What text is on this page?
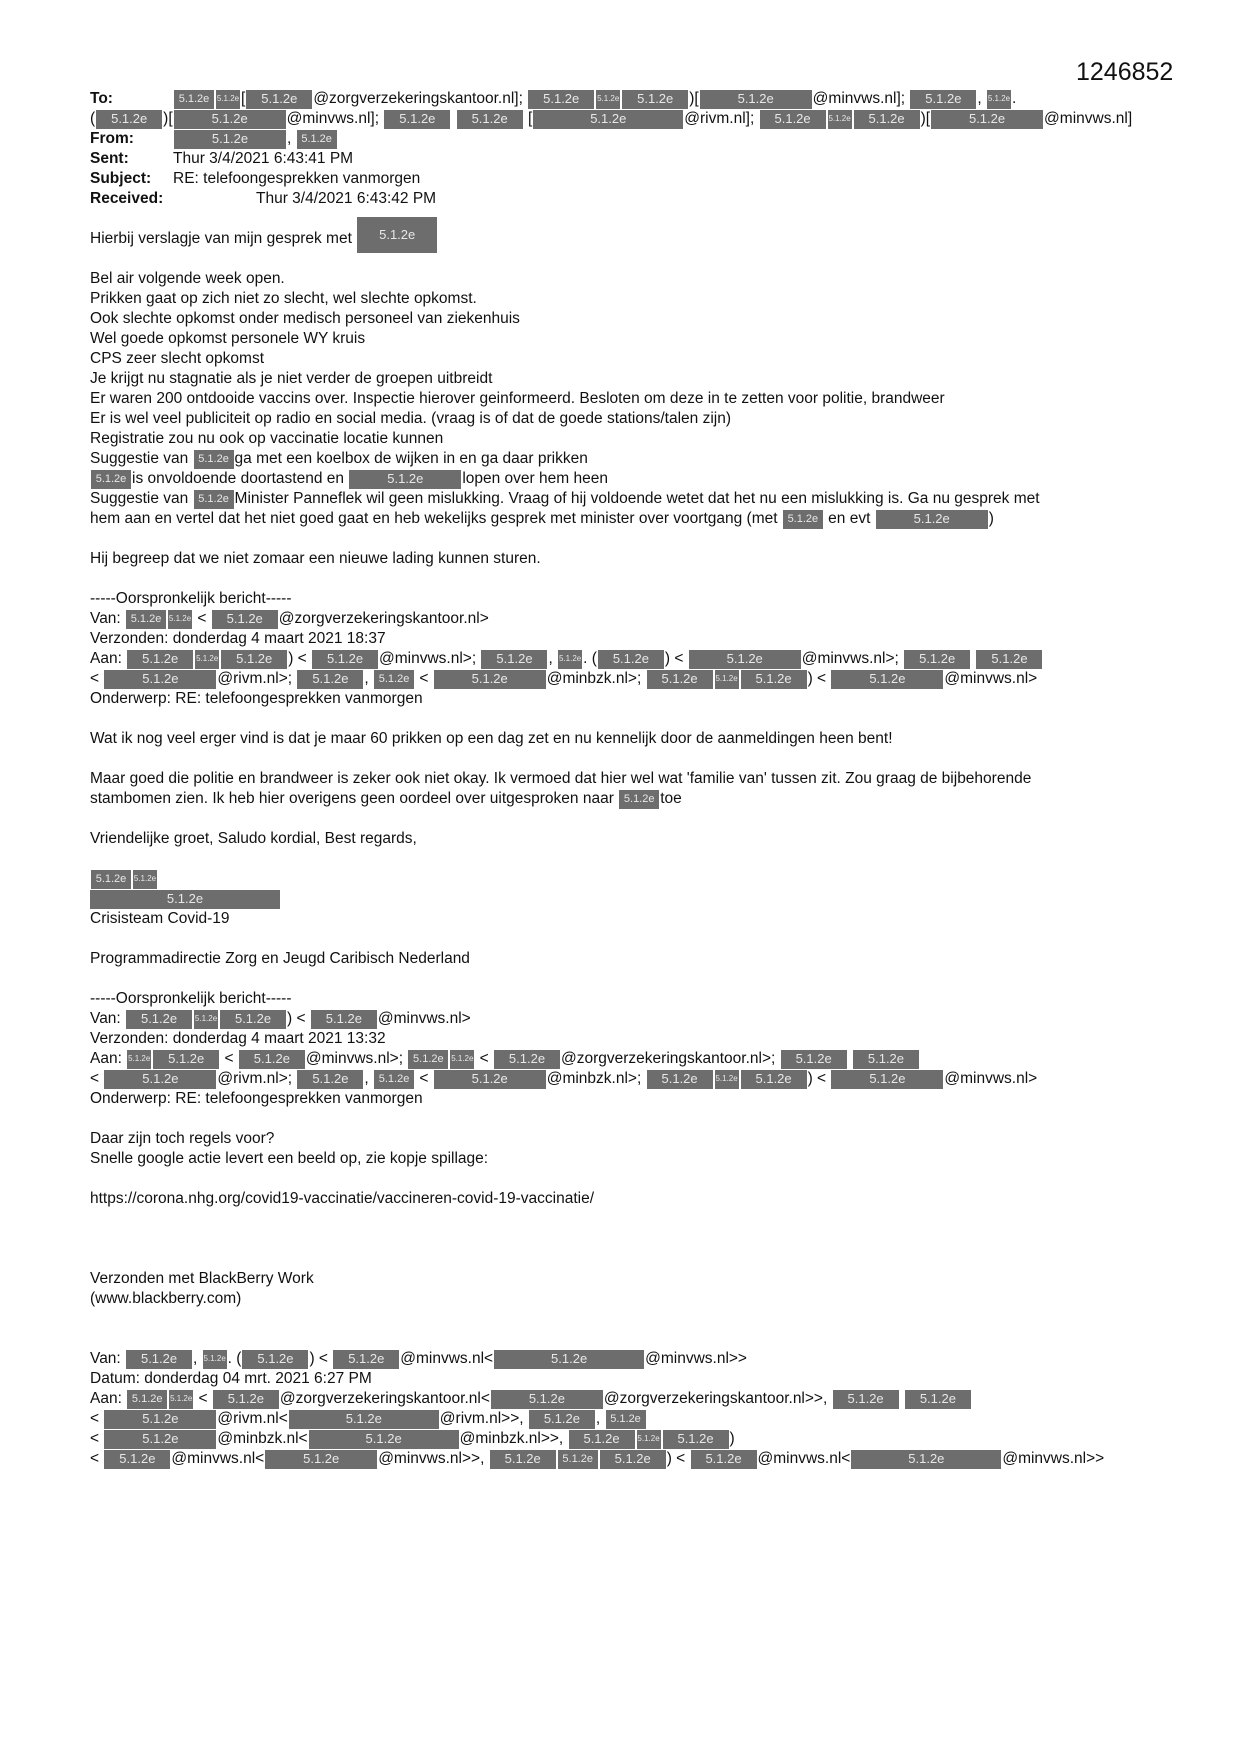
1246852
To:	5.1.2e 5.1.2e [	5.1.2e	@zorgverzekeringskantoor.nl];	5.1.2e	5.1.2e	5.1.2e	)[	5.1.2e	@minvws.nl];	5.1.2e	, 5.1.2e .
(	5.1.2e	)[	5.1.2e	@minvws.nl];	5.1.2e
	5.1.2e	[	5.1.2e	@rivm.nl];	5.1.2e	5.1.2e	5.1.2e	)[	5.1.2e	@minvws.nl]
From:	5.1.2e	, 5.1.2e
Sent:	Thur 3/4/2021 6:43:41 PM
Subject:	RE: telefoongesprekken vanmorgen
Received:	Thur 3/4/2021 6:43:42 PM
Hierbij verslagje van mijn gesprek met	5.1.2e
Bel air volgende week open.
Prikken gaat op zich niet zo slecht, wel slechte opkomst.
Ook slechte opkomst onder medisch personeel van ziekenhuis
Wel goede opkomst personele WY kruis
CPS zeer slecht opkomst
Je krijgt nu stagnatie als je niet verder de groepen uitbreidt
Er waren 200 ontdooide vaccins over. Inspectie hierover geinformeerd. Besloten om deze in te zetten voor politie, brandweer
Er is wel veel publiciteit op radio en social media. (vraag is of dat de goede stations/talen zijn)
Registratie zou nu ook op vaccinatie locatie kunnen
Suggestie van 5.1.2e ga met een koelbox de wijken in en ga daar prikken
5.1.2e is onvoldoende doortastend en	5.1.2e	lopen over hem heen
Suggestie van 5.1.2e Minister Panneflek wil geen mislukking. Vraag of hij voldoende wetet dat het nu een mislukking is. Ga nu gesprek met
hem aan en vertel dat het niet goed gaat en heb wekelijks gesprek met minister over voortgang (met 5.1.2e en evt	5.1.2e	)
Hij begreep dat we niet zomaar een nieuwe lading kunnen sturen.
-----Oorspronkelijk bericht-----
Van: 5.1.2e 5.1.2e <	5.1.2e	@zorgverzekeringskantoor.nl>
Verzonden: donderdag 4 maart 2021 18:37
Aan:	5.1.2e	5.1.2e	5.1.2e	) <	5.1.2e	@minvws.nl>;	5.1.2e	, 5.1.2e . (	5.1.2e	) <	5.1.2e	@minvws.nl>;	5.1.2e
	5.1.2e
<	5.1.2e	@rivm.nl>;	5.1.2e	, 5.1.2e <	5.1.2e	@minbzk.nl>;	5.1.2e	5.1.2e	5.1.2e	) <	5.1.2e	@minvws.nl>
Onderwerp: RE: telefoongesprekken vanmorgen
Wat ik nog veel erger vind is dat je maar 60 prikken op een dag zet en nu kennelijk door de aanmeldingen heen bent!
Maar goed die politie en brandweer is zeker ook niet okay. Ik vermoed dat hier wel wat 'familie van' tussen zit. Zou graag de bijbehorende
stambomen zien. Ik heb hier overigens geen oordeel over uitgesproken naar 5.1.2e toe
Vriendelijke groet, Saludo kordial, Best regards,
5.1.2e 5.1.2e
5.1.2e
Crisisteam Covid-19
Programmadirectie Zorg en Jeugd Caribisch Nederland
-----Oorspronkelijk bericht-----
Van:	5.1.2e	5.1.2e	5.1.2e	) <	5.1.2e	@minvws.nl>
Verzonden: donderdag 4 maart 2021 13:32
Aan: 5.1.2e	5.1.2e	<	5.1.2e	@minvws.nl>; 5.1.2e 5.1.2e <	5.1.2e	@zorgverzekeringskantoor.nl>;	5.1.2e
	5.1.2e
<	5.1.2e	@rivm.nl>;	5.1.2e	, 5.1.2e <	5.1.2e	@minbzk.nl>;	5.1.2e	5.1.2e	5.1.2e	) <	5.1.2e	@minvws.nl>
Onderwerp: RE: telefoongesprekken vanmorgen
Daar zijn toch regels voor?
Snelle google actie levert een beeld op, zie kopje spillage:
https://corona.nhg.org/covid19-vaccinatie/vaccineren-covid-19-vaccinatie/
Verzonden met BlackBerry Work
(www.blackberry.com)
Van:	5.1.2e	, 5.1.2e . (	5.1.2e	) <	5.1.2e	@minvws.nl<	5.1.2e	@minvws.nl>>
Datum: donderdag 04 mrt. 2021 6:27 PM
Aan: 5.1.2e 5.1.2e <	5.1.2e	@zorgverzekeringskantoor.nl<	5.1.2e	@zorgverzekeringskantoor.nl>>,	5.1.2e
	5.1.2e
<	5.1.2e	@rivm.nl<	5.1.2e	@rivm.nl>>,	5.1.2e	, 5.1.2e
<	5.1.2e	@minbzk.nl<	5.1.2e	@minbzk.nl>>,	5.1.2e	5.1.2e	5.1.2e	)
<	5.1.2e	@minvws.nl<	5.1.2e	@minvws.nl>>,	5.1.2e	5.1.2e	5.1.2e	) <	5.1.2e	@minvws.nl<	5.1.2e	@minvws.nl>>
